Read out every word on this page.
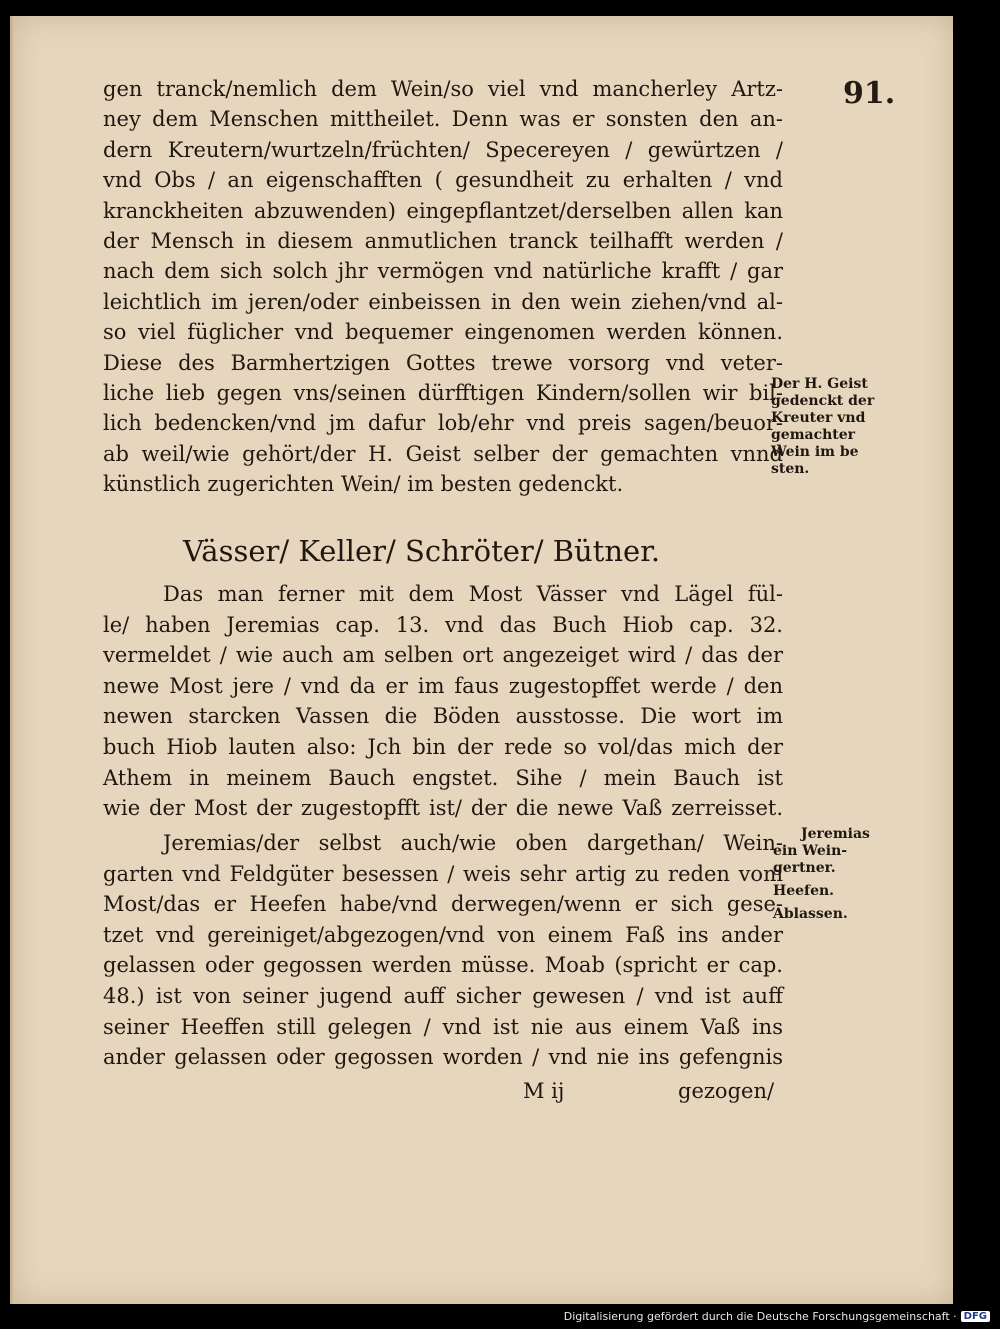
91.
gen tranck/nemlich dem Wein/so viel vnd mancherley Artz-
ney dem Menschen mittheilet. Denn was er sonsten den an-
dern Kreutern/wurtzeln/früchten/ Specereyen / gewürtzen /
vnd Obs / an eigenschafften ( gesundheit zu erhalten / vnd
kranckheiten abzuwenden) eingepflantzet/derselben allen kan
der Mensch in diesem anmutlichen tranck teilhafft werden /
nach dem sich solch jhr vermögen vnd natürliche krafft / gar
leichtlich im jeren/oder einbeissen in den wein ziehen/vnd al-
so viel füglicher vnd bequemer eingenomen werden können.
Diese des Barmhertzigen Gottes trewe vorsorg vnd veter-
liche lieb gegen vns/seinen dürfftigen Kindern/sollen wir bil-
lich bedencken/vnd jm dafur lob/ehr vnd preis sagen/beuor-
ab weil/wie gehört/der H. Geist selber der gemachten vnnd
künstlich zugerichten Wein/ im besten gedenckt.
Der H. Geist
gedenckt der
Kreuter vnd
gemachter
Wein im be
sten.
Vässer/ Keller/ Schröter/ Bütner.
Das man ferner mit dem Most Vässer vnd Lägel fül-
le/ haben Jeremias cap. 13. vnd das Buch Hiob cap. 32.
vermeldet / wie auch am selben ort angezeiget wird / das der
newe Most jere / vnd da er im faus zugestopffet werde / den
newen starcken Vassen die Böden ausstosse. Die wort im
buch Hiob lauten also: Jch bin der rede so vol/das mich der
Athem in meinem Bauch engstet. Sihe / mein Bauch ist
wie der Most der zugestopfft ist/ der die newe Vaß zerreisset.
Jeremias/der selbst auch/wie oben dargethan/ Wein-
garten vnd Feldgüter besessen / weis sehr artig zu reden vom
Most/das er Heefen habe/vnd derwegen/wenn er sich gese-
tzet vnd gereiniget/abgezogen/vnd von einem Faß ins ander
gelassen oder gegossen werden müsse. Moab (spricht er cap.
48.) ist von seiner jugend auff sicher gewesen / vnd ist auff
seiner Heeffen still gelegen / vnd ist nie aus einem Vaß ins
ander gelassen oder gegossen worden / vnd nie ins gefengnis
Jeremias
ein Wein-
gertner.
Heefen.
Ablassen.
M ij	gezogen/
Digitalisierung gefördert durch die Deutsche Forschungsgemeinschaft · DFG
